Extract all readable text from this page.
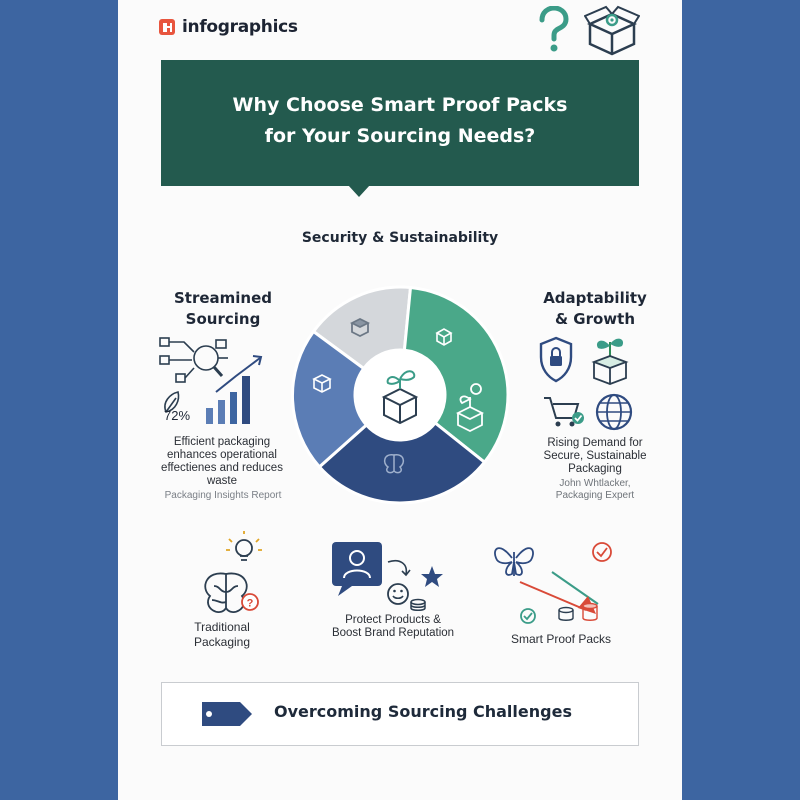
infographics
Why Choose Smart Proof Packs
for Your Sourcing Needs?
Security & Sustainability
Streamined
Sourcing
72%
Efficient packaging enhances operational effectienes and reduces waste
Packaging Insights Report
Adaptability
& Growth
Rising Demand for Secure, Sustainable Packaging
John Whtlacker,
Packaging Expert
?
Traditional
Packaging
Protect Products &
Boost Brand Reputation	Smart Proof Packs
Overcoming Sourcing Challenges
